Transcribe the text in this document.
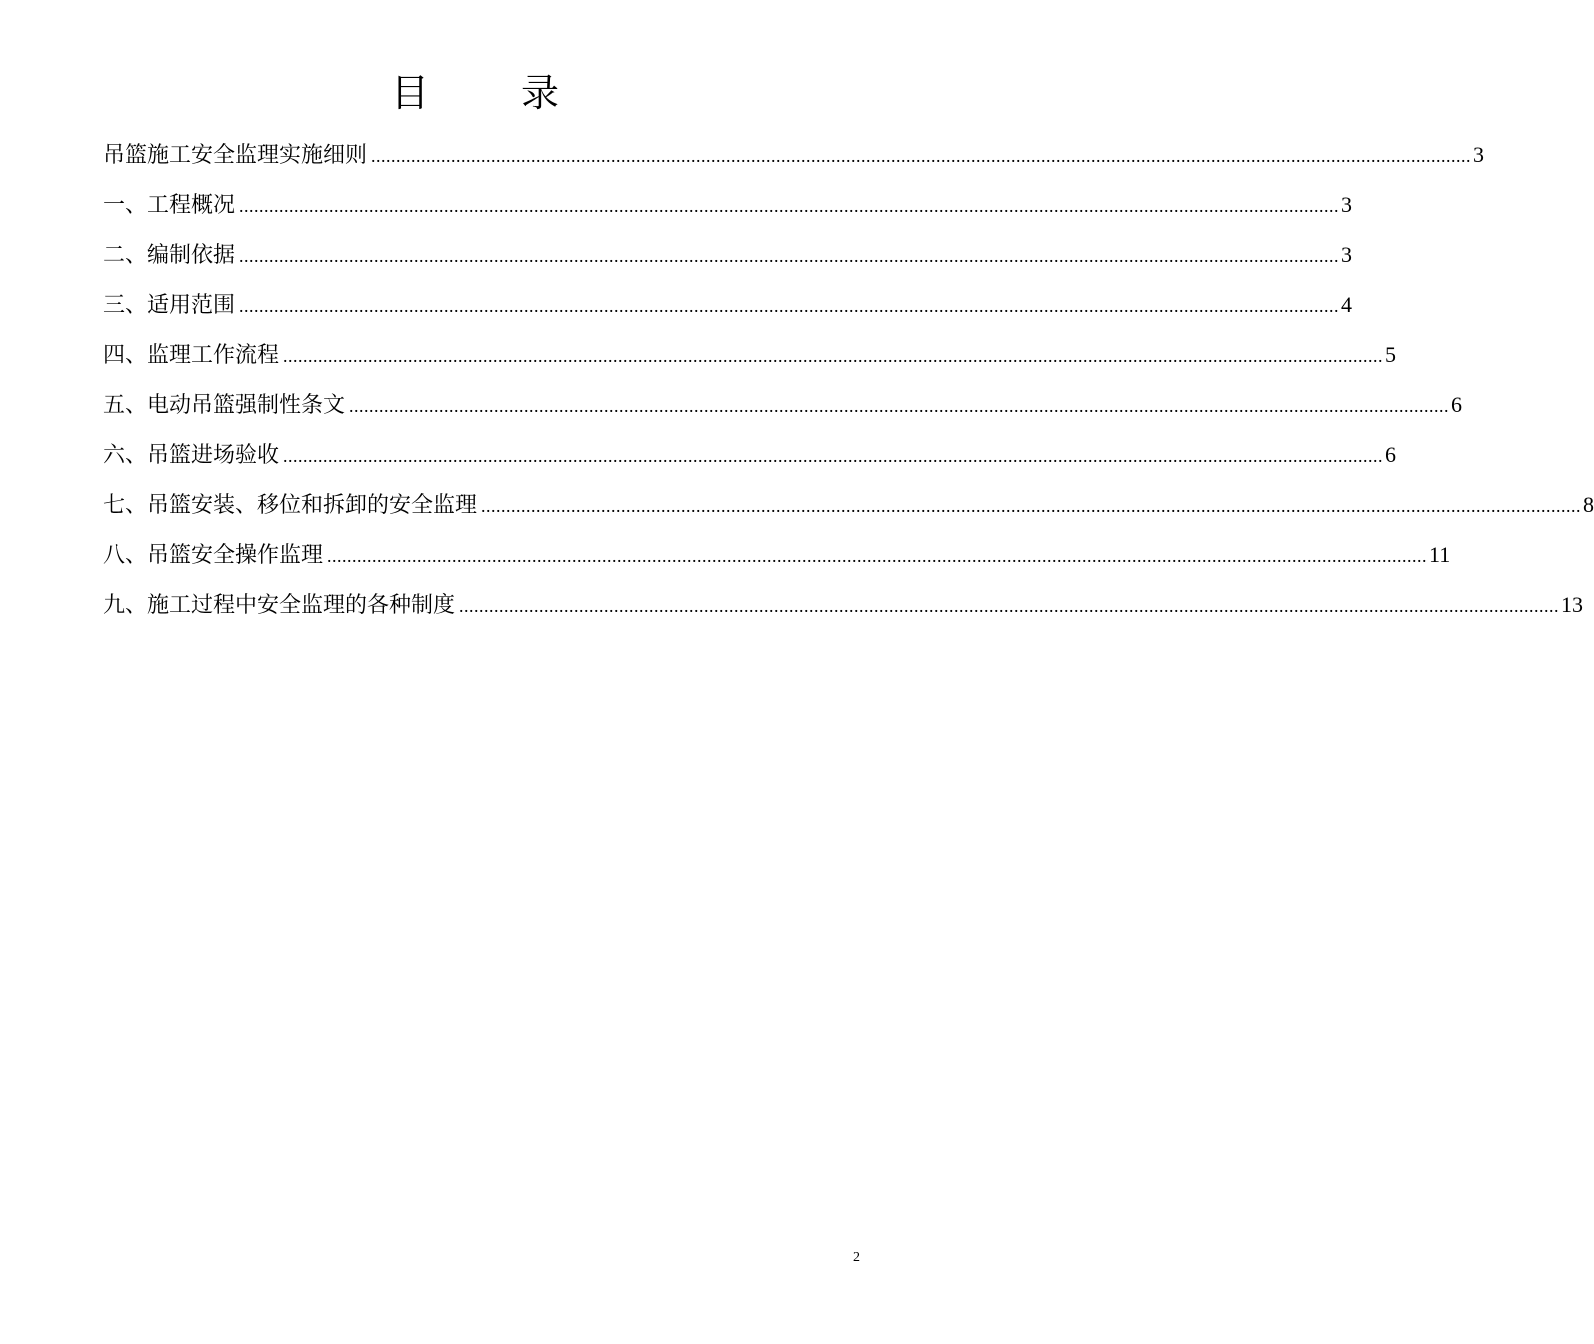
目 录
吊篮施工安全监理实施细则 ............................................................................................................................................................................................................................ 3
一、工程概况 ............................................................................................................................................................................................................................ 3
二、编制依据 ............................................................................................................................................................................................................................ 3
三、适用范围 ............................................................................................................................................................................................................................ 4
四、监理工作流程 ............................................................................................................................................................................................................................ 5
五、电动吊篮强制性条文 ............................................................................................................................................................................................................................ 6
六、吊篮进场验收 ............................................................................................................................................................................................................................ 6
七、吊篮安装、移位和拆卸的安全监理 ............................................................................................................................................................................................................................ 8
八、吊篮安全操作监理 ............................................................................................................................................................................................................................ 11
九、施工过程中安全监理的各种制度 ............................................................................................................................................................................................................................ 13
2
